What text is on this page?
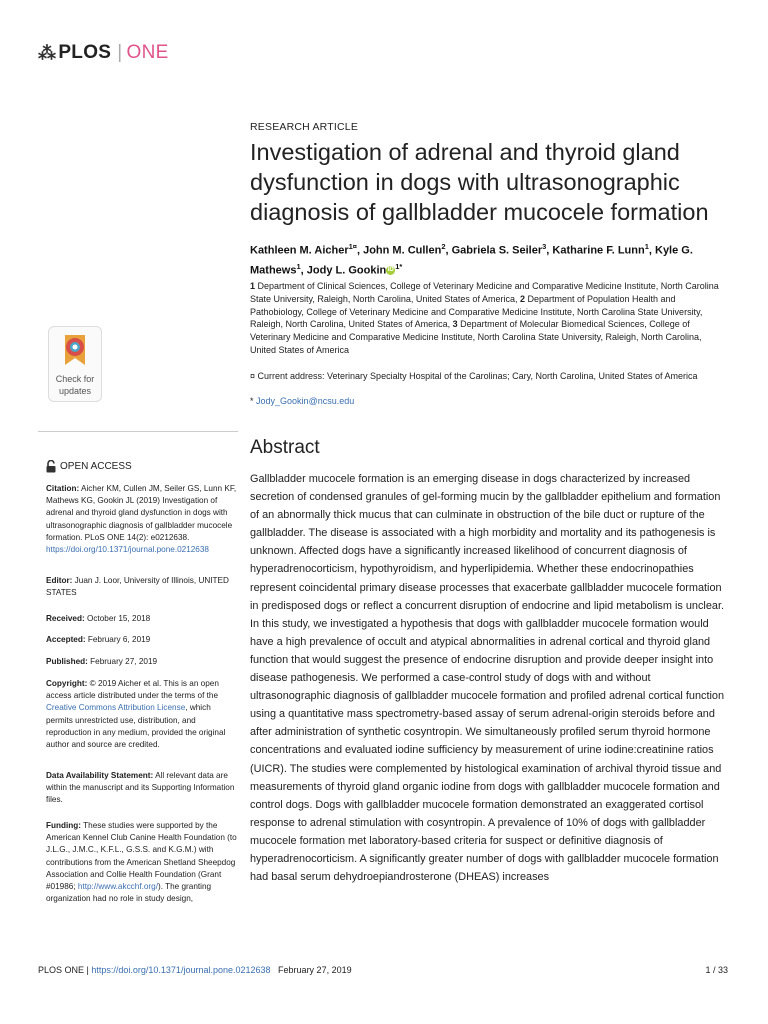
⁂ PLOS | ONE
Check for
updates
OPEN ACCESS
Citation: Aicher KM, Cullen JM, Seiler GS, Lunn KF, Mathews KG, Gookin JL (2019) Investigation of adrenal and thyroid gland dysfunction in dogs with ultrasonographic diagnosis of gallbladder mucocele formation. PLoS ONE 14(2): e0212638. https://doi.org/10.1371/journal.pone.0212638
Editor: Juan J. Loor, University of Illinois, UNITED STATES
Received: October 15, 2018
Accepted: February 6, 2019
Published: February 27, 2019
Copyright: © 2019 Aicher et al. This is an open access article distributed under the terms of the Creative Commons Attribution License, which permits unrestricted use, distribution, and reproduction in any medium, provided the original author and source are credited.
Data Availability Statement: All relevant data are within the manuscript and its Supporting Information files.
Funding: These studies were supported by the American Kennel Club Canine Health Foundation (to J.L.G., J.M.C., K.F.L., G.S.S. and K.G.M.) with contributions from the American Shetland Sheepdog Association and Collie Health Foundation (Grant #01986; http://www.akcchf.org/). The granting organization had no role in study design,
RESEARCH ARTICLE
Investigation of adrenal and thyroid gland dysfunction in dogs with ultrasonographic diagnosis of gallbladder mucocele formation
Kathleen M. Aicher$^{1¤}$, John M. Cullen$^2$, Gabriela S. Seiler$^3$, Katharine F. Lunn$^1$, Kyle G. Mathews$^1$, Jody L. Gookin iD $^{1*}$
1 Department of Clinical Sciences, College of Veterinary Medicine and Comparative Medicine Institute, North Carolina State University, Raleigh, North Carolina, United States of America, 2 Department of Population Health and Pathobiology, College of Veterinary Medicine and Comparative Medicine Institute, North Carolina State University, Raleigh, North Carolina, United States of America, 3 Department of Molecular Biomedical Sciences, College of Veterinary Medicine and Comparative Medicine Institute, North Carolina State University, Raleigh, North Carolina, United States of America
¤ Current address: Veterinary Specialty Hospital of the Carolinas; Cary, North Carolina, United States of America
* Jody_Gookin@ncsu.edu
Abstract
Gallbladder mucocele formation is an emerging disease in dogs characterized by increased secretion of condensed granules of gel-forming mucin by the gallbladder epithelium and formation of an abnormally thick mucus that can culminate in obstruction of the bile duct or rupture of the gallbladder. The disease is associated with a high morbidity and mortality and its pathogenesis is unknown. Affected dogs have a significantly increased likelihood of concurrent diagnosis of hyperadrenocorticism, hypothyroidism, and hyperlipidemia. Whether these endocrinopathies represent coincidental primary disease processes that exacerbate gallbladder mucocele formation in predisposed dogs or reflect a concurrent disruption of endocrine and lipid metabolism is unclear. In this study, we investigated a hypothesis that dogs with gallbladder mucocele formation would have a high prevalence of occult and atypical abnormalities in adrenal cortical and thyroid gland function that would suggest the presence of endocrine disruption and provide deeper insight into disease pathogenesis. We performed a case-control study of dogs with and without ultrasonographic diagnosis of gallbladder mucocele formation and profiled adrenal cortical function using a quantitative mass spectrometry-based assay of serum adrenal-origin steroids before and after administration of synthetic cosyntropin. We simultaneously profiled serum thyroid hormone concentrations and evaluated iodine sufficiency by measurement of urine iodine:creatinine ratios (UICR). The studies were complemented by histological examination of archival thyroid tissue and measurements of thyroid gland organic iodine from dogs with gallbladder mucocele formation and control dogs. Dogs with gallbladder mucocele formation demonstrated an exaggerated cortisol response to adrenal stimulation with cosyntropin. A prevalence of 10% of dogs with gallbladder mucocele formation met laboratory-based criteria for suspect or definitive diagnosis of hyperadrenocorticism. A significantly greater number of dogs with gallbladder mucocele formation had basal serum dehydroepiandrosterone (DHEAS) increases
PLOS ONE | https://doi.org/10.1371/journal.pone.0212638 February 27, 2019	1 / 33
